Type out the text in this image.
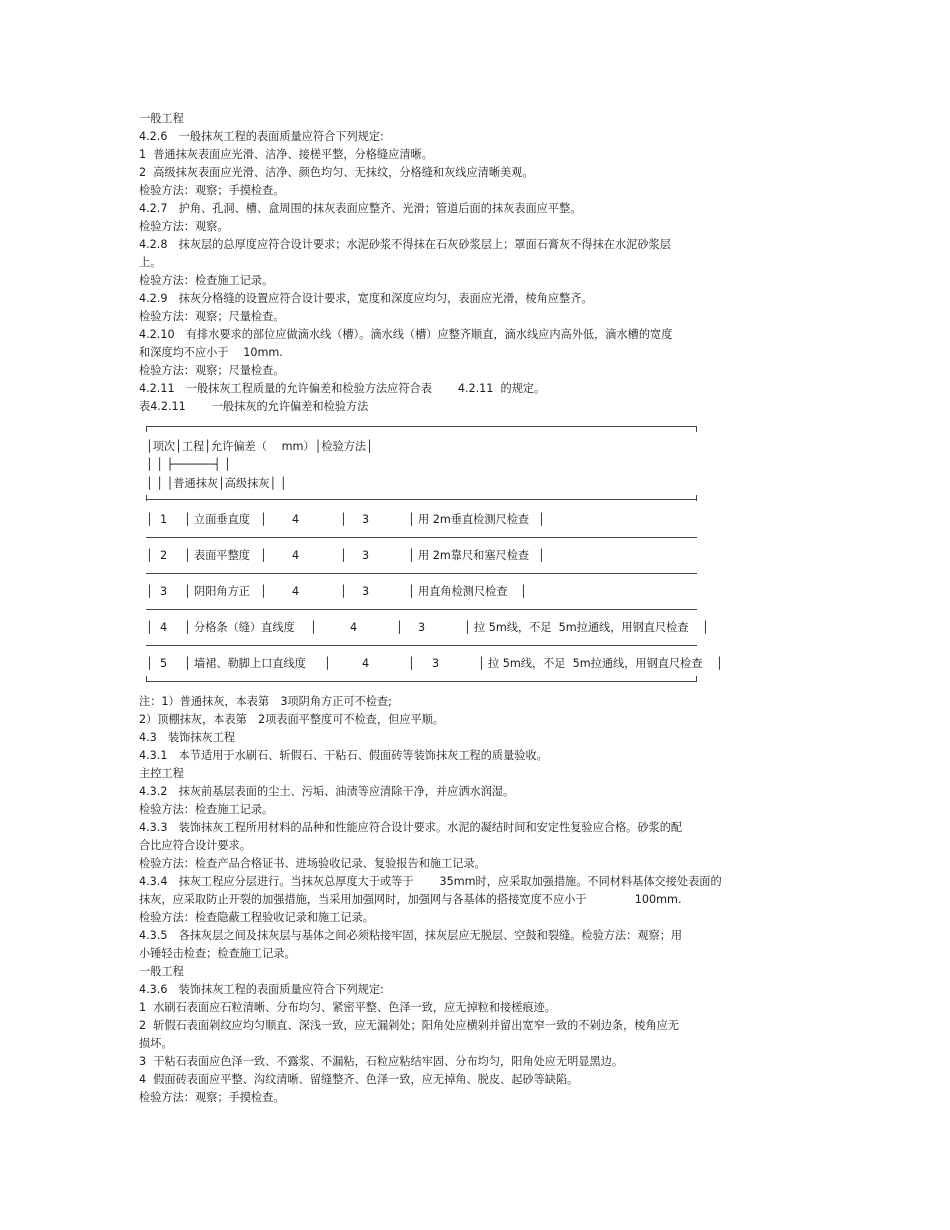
一般工程
4.2.6　一般抹灰工程的表面质量应符合下列规定:
1  普通抹灰表面应光滑、洁净、接槎平整，分格缝应清晰。
2  高级抹灰表面应光滑、洁净、颜色均匀、无抹纹，分格缝和灰线应清晰美观。
检验方法：观察；手摸检查。
4.2.7　护角、孔洞、槽、盒周围的抹灰表面应整齐、光滑；管道后面的抹灰表面应平整。
检验方法：观察。
4.2.8　抹灰层的总厚度应符合设计要求；水泥砂浆不得抹在石灰砂浆层上；罩面石膏灰不得抹在水泥砂浆层
上。
检验方法：检查施工记录。
4.2.9　抹灰分格缝的设置应符合设计要求，宽度和深度应均匀，表面应光滑，棱角应整齐。
检验方法：观察；尺量检查。
4.2.10　有排水要求的部位应做滴水线（槽）。滴水线（槽）应整齐顺直，滴水线应内高外低，滴水槽的宽度
和深度均不应小于　 10mm.
检验方法：观察；尺量检查。
4.2.11　一般抹灰工程质量的允许偏差和检验方法应符合表　　 4.2.11  的规定。
表4.2.11　　 一般抹灰的允许偏差和检验方法
│项次│工程│允许偏差（　 mm）│检验方法│
│ │ ├──────┤ │
│ │ │普通抹灰│高级抹灰│ │
│ 1 │ 立面垂直度 │ 4	│ 3	│ 用 2m垂直检测尺检查 │
│ 2 │ 表面平整度 │ 4	│ 3	│ 用 2m靠尺和塞尺检查 │
│ 3 │ 阴阳角方正 │ 4	│ 3	│ 用直角检测尺检查 │
│ 4 │ 分格条（缝）直线度 │	4	│ 3	│ 拉 5m线，不足  5m拉通线，用钢直尺检查 │
│ 5 │ 墙裙、勒脚上口直线度 │	4	│ 3	│ 拉 5m线，不足  5m拉通线，用钢直尺检查 │
注：1）普通抹灰，本表第　3项阴角方正可不检查;
2）顶棚抹灰，本表第　2项表面平整度可不检查，但应平顺。
4.3　装饰抹灰工程
4.3.1　本节适用于水刷石、斩假石、干粘石、假面砖等装饰抹灰工程的质量验收。
主控工程
4.3.2　抹灰前基层表面的尘土、污垢、油渍等应清除干净，并应洒水润湿。
检验方法：检查施工记录。
4.3.3　装饰抹灰工程所用材料的品种和性能应符合设计要求。水泥的凝结时间和安定性复验应合格。砂浆的配
合比应符合设计要求。
检验方法：检查产品合格证书、进场验收记录、复验报告和施工记录。
4.3.4　抹灰工程应分层进行。当抹灰总厚度大于或等于　　 35mm时，应采取加强措施。不同材料基体交接处表面的
抹灰，应采取防止开裂的加强措施，当采用加强网时，加强网与各基体的搭接宽度不应小于　　　　 100mm.
检验方法：检查隐蔽工程验收记录和施工记录。
4.3.5　各抹灰层之间及抹灰层与基体之间必须粘接牢固，抹灰层应无脱层、空鼓和裂缝。检验方法：观察；用
小锤轻击检查；检查施工记录。
一般工程
4.3.6　装饰抹灰工程的表面质量应符合下列规定:
1  水刷石表面应石粒清晰、分布均匀、紧密平整、色泽一致，应无掉粒和接槎痕迹。
2  斩假石表面剁纹应均匀顺直、深浅一致，应无漏剁处；阳角处应横剁并留出宽窄一致的不剁边条，棱角应无
损坏。
3  干粘石表面应色泽一致、不露浆、不漏粘，石粒应粘结牢固、分布均匀，阳角处应无明显黑边。
4  假面砖表面应平整、沟纹清晰、留缝整齐、色泽一致，应无掉角、脱皮、起砂等缺陷。
检验方法：观察；手摸检查。
